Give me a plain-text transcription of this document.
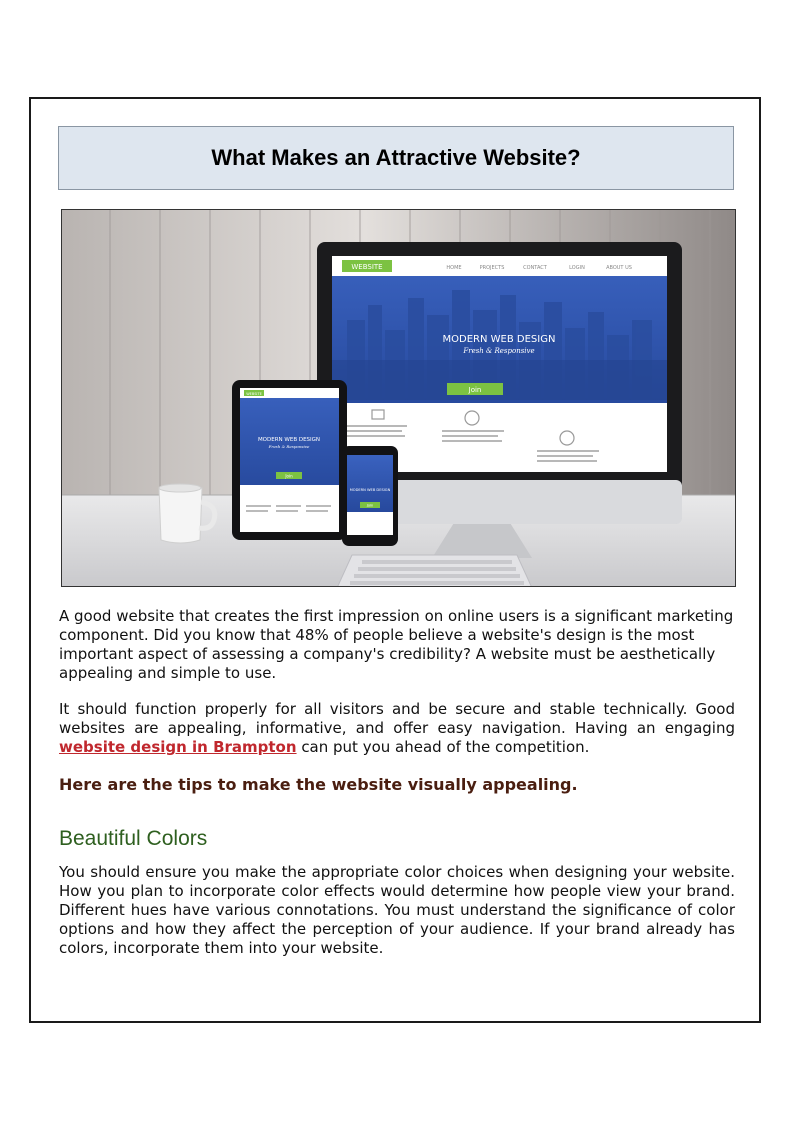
What Makes an Attractive Website?
WEBSITE	HOME	PROJECTS	CONTACT	LOGIN	ABOUT US
MODERN WEB DESIGN
Fresh & Responsive
Join
WEBSITE
MODERN WEB DESIGN
Fresh & Responsive
Join
MODERN WEB DESIGN
Join

A good website that creates the first impression on online users is a significant marketing component. Did you know that 48% of people believe a website's design is the most important aspect of assessing a company's credibility? A website must be aesthetically appealing and simple to use.

It should function properly for all visitors and be secure and stable technically. Good websites are appealing, informative, and offer easy navigation. Having an engaging website design in Brampton can put you ahead of the competition.

Here are the tips to make the website visually appealing.

Beautiful Colors

You should ensure you make the appropriate color choices when designing your website. How you plan to incorporate color effects would determine how people view your brand. Different hues have various connotations. You must understand the significance of color options and how they affect the perception of your audience. If your brand already has colors, incorporate them into your website.
